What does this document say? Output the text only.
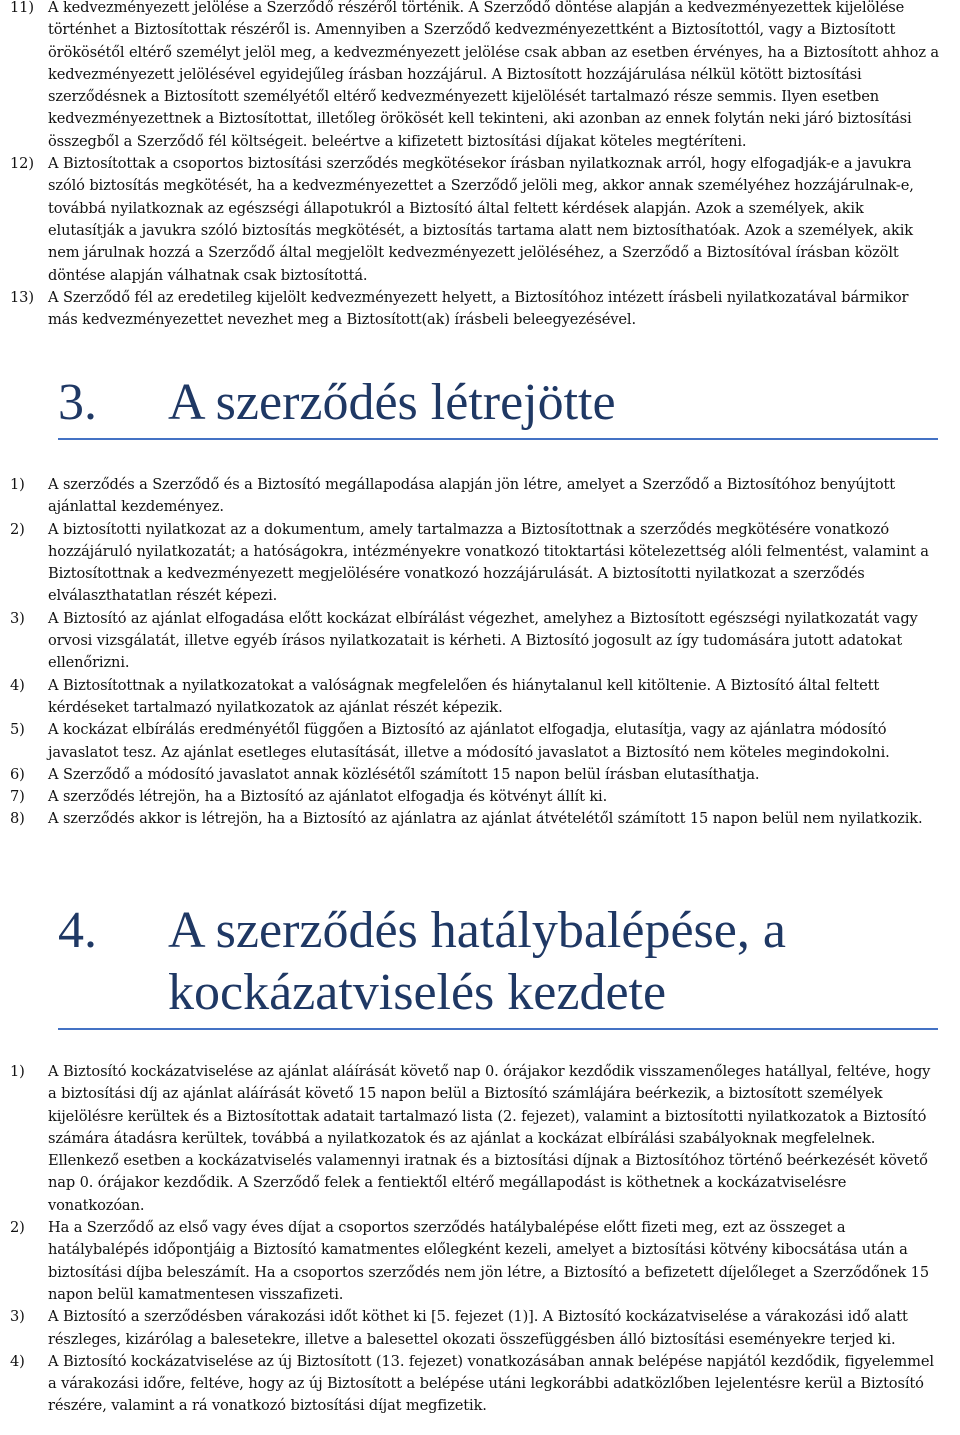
11) A kedvezményezett jelölése a Szerződő részéről történik. A Szerződő döntése alapján a kedvezményezettek kijelölése történhet a Biztosítottak részéről is. Amennyiben a Szerződő kedvezményezettként a Biztosítottól, vagy a Biztosított örökösétől eltérő személyt jelöl meg, a kedvezményezett jelölése csak abban az esetben érvényes, ha a Biztosított ahhoz a kedvezményezett jelölésével egyidejűleg írásban hozzájárul. A Biztosított hozzájárulása nélkül kötött biztosítási szerződésnek a Biztosított személyétől eltérő kedvezményezett kijelölését tartalmazó része semmis. Ilyen esetben kedvezményezettnek a Biztosítottat, illetőleg örökösét kell tekinteni, aki azonban az ennek folytán neki járó biztosítási összegből a Szerződő fél költségeit. beleértve a kifizetett biztosítási díjakat köteles megtéríteni.
12) A Biztosítottak a csoportos biztosítási szerződés megkötésekor írásban nyilatkoznak arról, hogy elfogadják-e a javukra szóló biztosítás megkötését, ha a kedvezményezettet a Szerződő jelöli meg, akkor annak személyéhez hozzájárulnak-e, továbbá nyilatkoznak az egészségi állapotukról a Biztosító által feltett kérdések alapján. Azok a személyek, akik elutasítják a javukra szóló biztosítás megkötését, a biztosítás tartama alatt nem biztosíthatóak. Azok a személyek, akik nem járulnak hozzá a Szerződő által megjelölt kedvezményezett jelöléséhez, a Szerződő a Biztosítóval írásban közölt döntése alapján válhatnak csak biztosítottá.
13) A Szerződő fél az eredetileg kijelölt kedvezményezett helyett, a Biztosítóhoz intézett írásbeli nyilatkozatával bármikor más kedvezményezettet nevezhet meg a Biztosított(ak) írásbeli beleegyezésével.
3.	A szerződés létrejötte
1) A szerződés a Szerződő és a Biztosító megállapodása alapján jön létre, amelyet a Szerződő a Biztosítóhoz benyújtott ajánlattal kezdeményez.
2) A biztosítotti nyilatkozat az a dokumentum, amely tartalmazza a Biztosítottnak a szerződés megkötésére vonatkozó hozzájáruló nyilatkozatát; a hatóságokra, intézményekre vonatkozó titoktartási kötelezettség alóli felmentést, valamint a Biztosítottnak a kedvezményezett megjelölésére vonatkozó hozzájárulását. A biztosítotti nyilatkozat a szerződés elválaszthatatlan részét képezi.
3) A Biztosító az ajánlat elfogadása előtt kockázat elbírálást végezhet, amelyhez a Biztosított egészségi nyilatkozatát vagy orvosi vizsgálatát, illetve egyéb írásos nyilatkozatait is kérheti. A Biztosító jogosult az így tudomására jutott adatokat ellenőrizni.
4) A Biztosítottnak a nyilatkozatokat a valóságnak megfelelően és hiánytalanul kell kitöltenie. A Biztosító által feltett kérdéseket tartalmazó nyilatkozatok az ajánlat részét képezik.
5) A kockázat elbírálás eredményétől függően a Biztosító az ajánlatot elfogadja, elutasítja, vagy az ajánlatra módosító javaslatot tesz. Az ajánlat esetleges elutasítását, illetve a módosító javaslatot a Biztosító nem köteles megindokolni.
6) A Szerződő a módosító javaslatot annak közlésétől számított 15 napon belül írásban elutasíthatja.
7) A szerződés létrejön, ha a Biztosító az ajánlatot elfogadja és kötvényt állít ki.
8) A szerződés akkor is létrejön, ha a Biztosító az ajánlatra az ajánlat átvételétől számított 15 napon belül nem nyilatkozik.
4.	A szerződés hatálybalépése, a kockázatviselés kezdete
1) A Biztosító kockázatviselése az ajánlat aláírását követő nap 0. órájakor kezdődik visszamenőleges hatállyal, feltéve, hogy a biztosítási díj az ajánlat aláírását követő 15 napon belül a Biztosító számlájára beérkezik, a biztosított személyek kijelölésre kerültek és a Biztosítottak adatait tartalmazó lista (2. fejezet), valamint a biztosítotti nyilatkozatok a Biztosító számára átadásra kerültek, továbbá a nyilatkozatok és az ajánlat a kockázat elbírálási szabályoknak megfelelnek. Ellenkező esetben a kockázatviselés valamennyi iratnak és a biztosítási díjnak a Biztosítóhoz történő beérkezését követő nap 0. órájakor kezdődik. A Szerződő felek a fentiektől eltérő megállapodást is köthetnek a kockázatviselésre vonatkozóan.
2) Ha a Szerződő az első vagy éves díjat a csoportos szerződés hatálybalépése előtt fizeti meg, ezt az összeget a hatálybalépés időpontjáig a Biztosító kamatmentes előlegként kezeli, amelyet a biztosítási kötvény kibocsátása után a biztosítási díjba beleszámít. Ha a csoportos szerződés nem jön létre, a Biztosító a befizetett díjelőleget a Szerződőnek 15 napon belül kamatmentesen visszafizeti.
3) A Biztosító a szerződésben várakozási időt köthet ki [5. fejezet (1)]. A Biztosító kockázatviselése a várakozási idő alatt részleges, kizárólag a balesetekre, illetve a balesettel okozati összefüggésben álló biztosítási eseményekre terjed ki.
4) A Biztosító kockázatviselése az új Biztosított (13. fejezet) vonatkozásában annak belépése napjától kezdődik, figyelemmel a várakozási időre, feltéve, hogy az új Biztosított a belépése utáni legkorábbi adatközlőben lejelentésre kerül a Biztosító részére, valamint a rá vonatkozó biztosítási díjat megfizetik.
